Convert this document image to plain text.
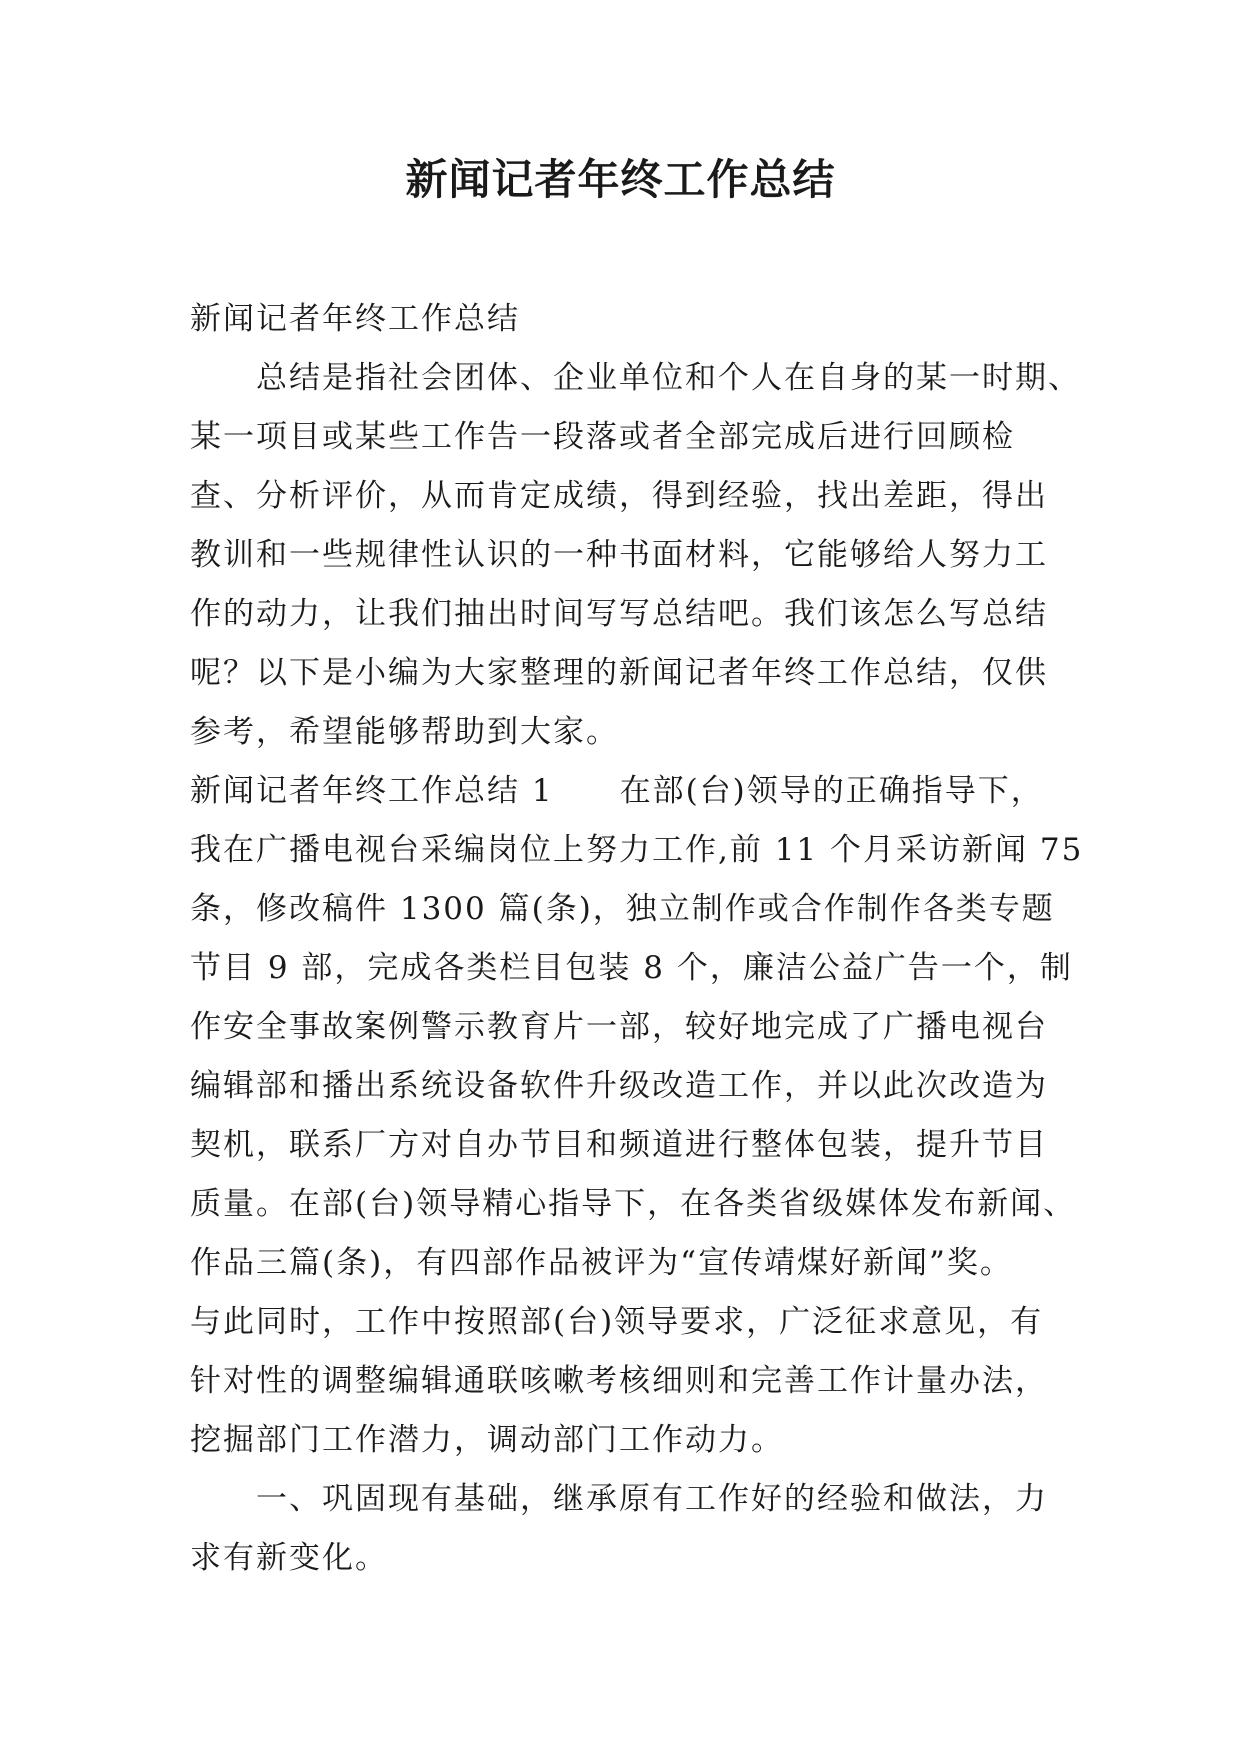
新闻记者年终工作总结
新闻记者年终工作总结
总结是指社会团体、企业单位和个人在自身的某一时期、
某一项目或某些工作告一段落或者全部完成后进行回顾检
查、分析评价，从而肯定成绩，得到经验，找出差距，得出
教训和一些规律性认识的一种书面材料，它能够给人努力工
作的动力，让我们抽出时间写写总结吧。我们该怎么写总结
呢？以下是小编为大家整理的新闻记者年终工作总结，仅供
参考，希望能够帮助到大家。
新闻记者年终工作总结 1　　在部(台)领导的正确指导下，
我在广播电视台采编岗位上努力工作,前 11 个月采访新闻 75
条，修改稿件 1300 篇(条)，独立制作或合作制作各类专题
节目 9 部，完成各类栏目包装 8 个，廉洁公益广告一个，制
作安全事故案例警示教育片一部，较好地完成了广播电视台
编辑部和播出系统设备软件升级改造工作，并以此次改造为
契机，联系厂方对自办节目和频道进行整体包装，提升节目
质量。在部(台)领导精心指导下，在各类省级媒体发布新闻、
作品三篇(条)，有四部作品被评为“宣传靖煤好新闻”奖。
与此同时，工作中按照部(台)领导要求，广泛征求意见，有
针对性的调整编辑通联咳嗽考核细则和完善工作计量办法，
挖掘部门工作潜力，调动部门工作动力。
一、巩固现有基础，继承原有工作好的经验和做法，力
求有新变化。
